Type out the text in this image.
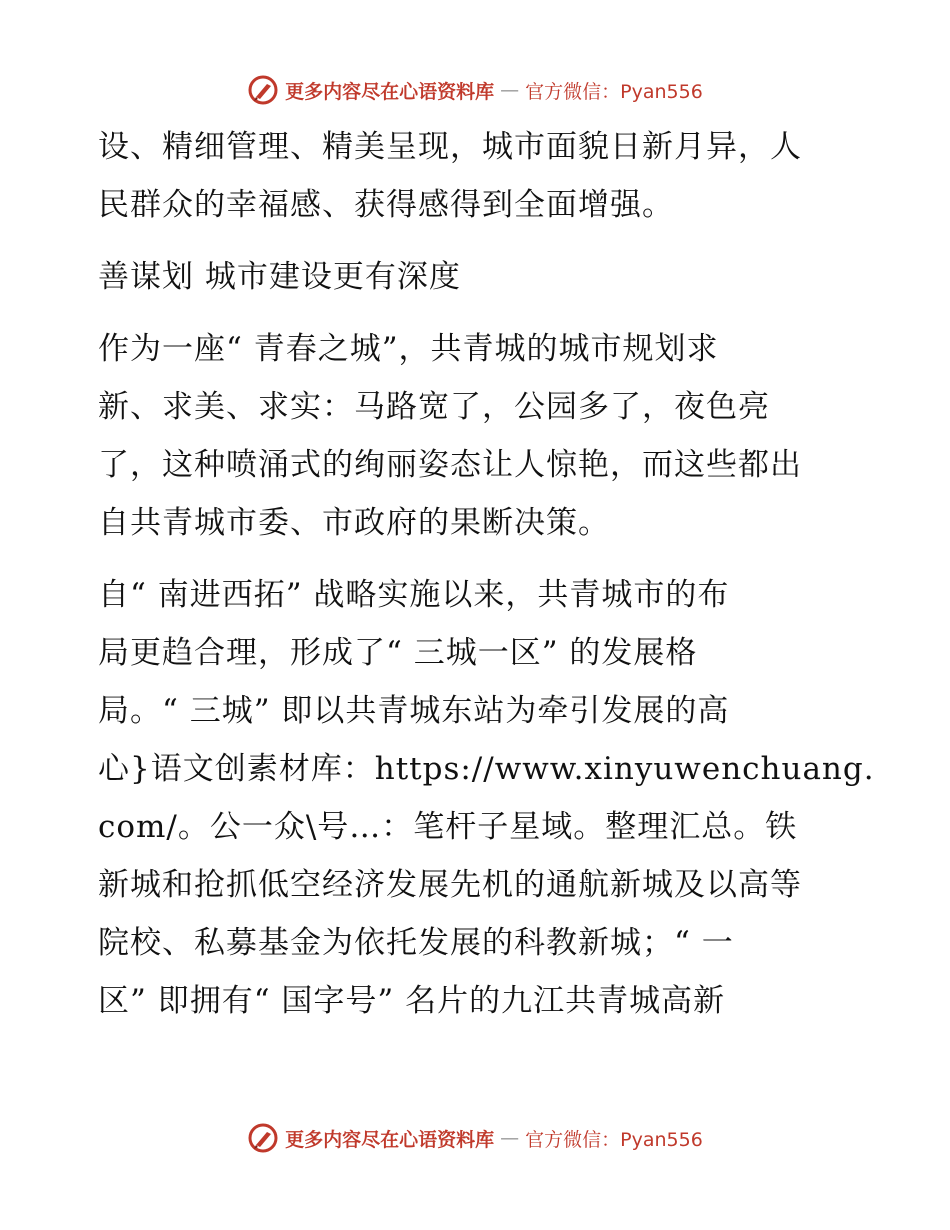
更多内容尽在心语资料库 — 官方微信：Pyan556
设、精细管理、精美呈现，城市面貌日新月异，人
民群众的幸福感、获得感得到全面增强。
善谋划 城市建设更有深度
作为一座“ 青春之城”，共青城的城市规划求
新、求美、求实：马路宽了，公园多了，夜色亮
了，这种喷涌式的绚丽姿态让人惊艳，而这些都出
自共青城市委、市政府的果断决策。
自“ 南进西拓” 战略实施以来，共青城市的布
局更趋合理，形成了“ 三城一区” 的发展格
局。“ 三城” 即以共青城东站为牵引发展的高
心}语文创素材库：https://www.xinyuwenchuang.
com/。公一众\号…：笔杆子星域。整理汇总。铁
新城和抢抓低空经济发展先机的通航新城及以高等
院校、私募基金为依托发展的科教新城；“ 一
区” 即拥有“ 国字号” 名片的九江共青城高新
更多内容尽在心语资料库 — 官方微信：Pyan556
